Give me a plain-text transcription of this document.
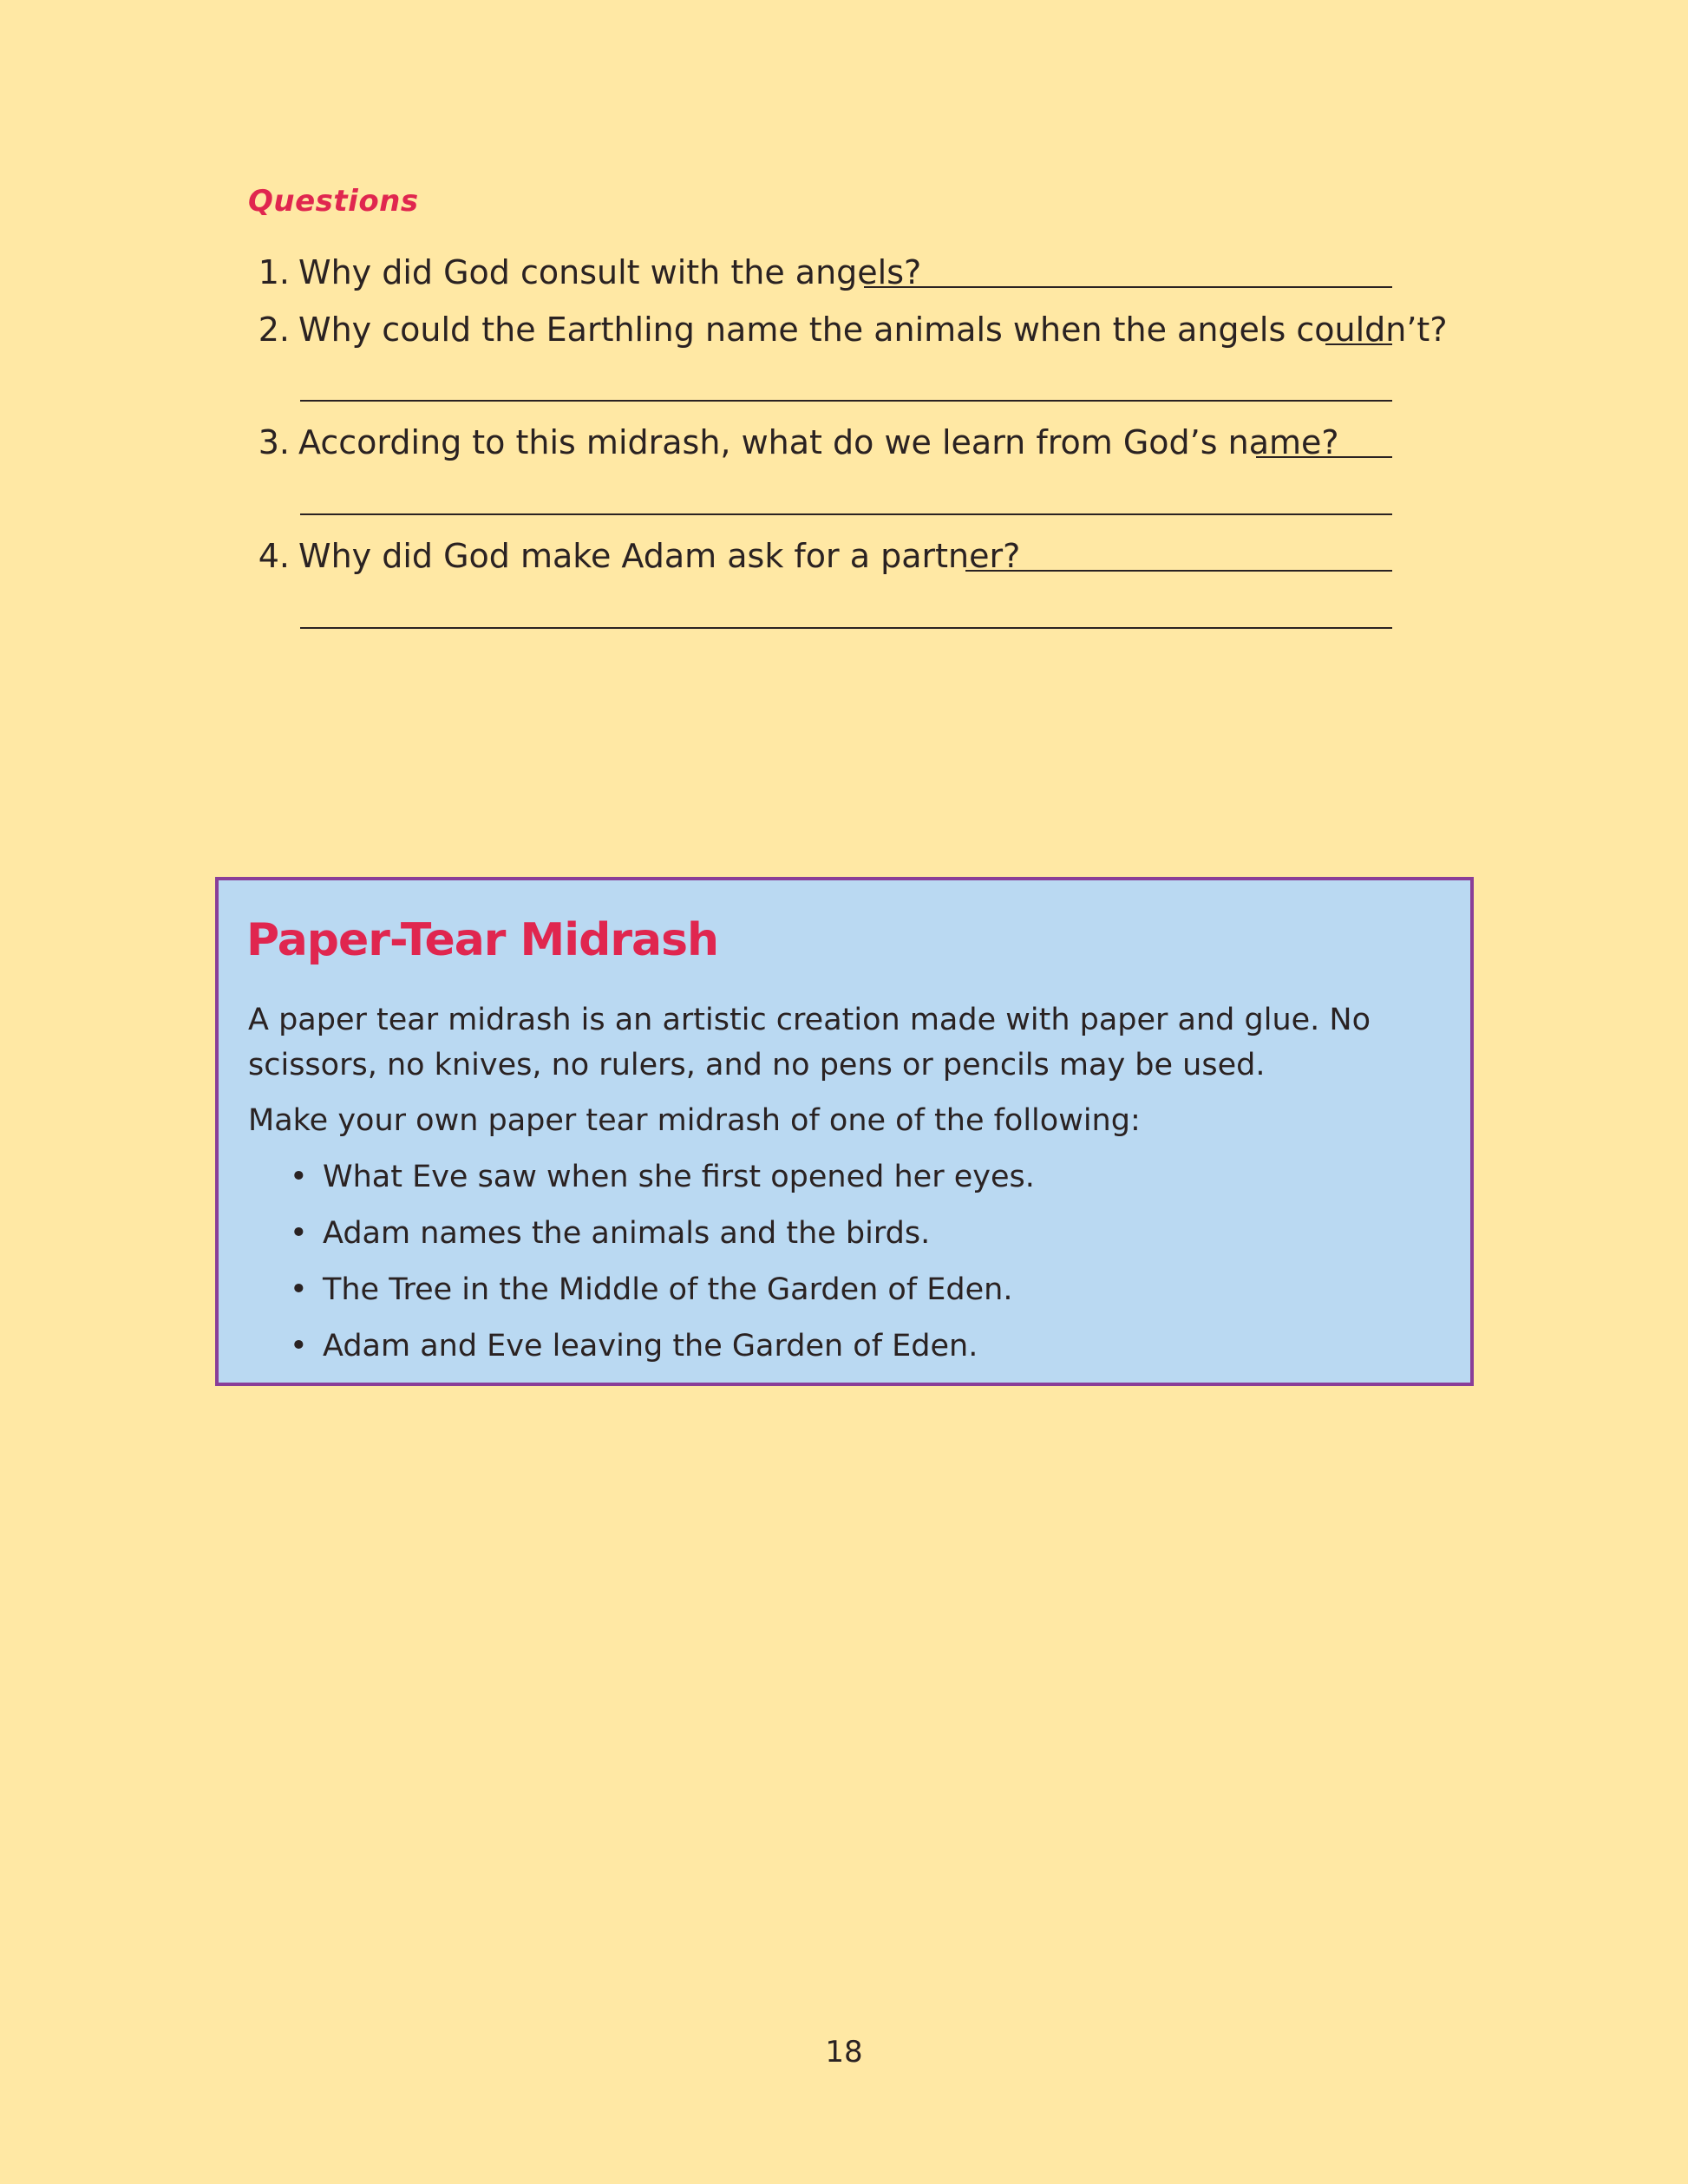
Questions
1. Why did God consult with the angels?
2. Why could the Earthling name the animals when the angels couldn’t?
3. According to this midrash, what do we learn from God’s name?
4. Why did God make Adam ask for a partner?
Paper-Tear Midrash
A paper tear midrash is an artistic creation made with paper and glue. No scissors, no knives, no rulers, and no pens or pencils may be used.
Make your own paper tear midrash of one of the following:
• What Eve saw when she first opened her eyes.
• Adam names the animals and the birds.
• The Tree in the Middle of the Garden of Eden.
• Adam and Eve leaving the Garden of Eden.
18
